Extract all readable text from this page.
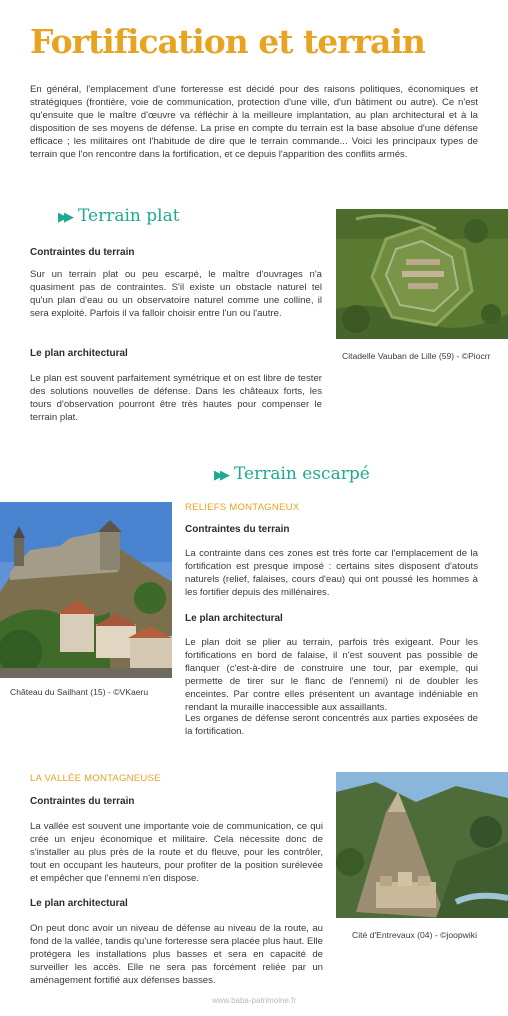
Fortification et terrain
En général, l'emplacement d'une forteresse est décidé pour des raisons politiques, économiques et stratégiques (frontière, voie de communication, protection d'une ville, d'un bâtiment ou autre). Ce n'est qu'ensuite que le maître d'œuvre va réfléchir à la meilleure implantation, au plan architectural et à la disposition de ses moyens de défense. La prise en compte du terrain est la base absolue d'une défense efficace ; les militaires ont l'habitude de dire que le terrain commande... Voici les principaux types de terrain que l'on rencontre dans la fortification, et ce depuis l'apparition des conflits armés.
▶▶ Terrain plat
Contraintes du terrain
Sur un terrain plat ou peu escarpé, le maître d'ouvrages n'a quasiment pas de contraintes. S'il existe un obstacle naturel tel qu'un plan d'eau ou un observatoire naturel comme une colline, il sera exploité. Parfois il va falloir choisir entre l'un ou l'autre.
Le plan architectural
Le plan est souvent parfaitement symétrique et on est libre de tester des solutions nouvelles de défense. Dans les châteaux forts, les tours d'observation pourront être très hautes pour compenser le terrain plat.
Citadelle Vauban de Lille (59) - ©Piocrr
▶▶ Terrain escarpé
Château du Sailhant (15) - ©VKaeru
RELIEFS MONTAGNEUX
Contraintes du terrain
La contrainte dans ces zones est très forte car l'emplacement de la fortification est presque imposé : certains sites disposent d'atouts naturels (relief, falaises, cours d'eau) qui ont poussé les hommes à les fortifier depuis des millénaires.
Le plan architectural
Le plan doit se plier au terrain, parfois très exigeant. Pour les fortifications en bord de falaise, il n'est souvent pas possible de flanquer (c'est-à-dire de construire une tour, par exemple, qui permette de tirer sur le flanc de l'ennemi) ni de doubler les enceintes. Par contre elles présentent un avantage indéniable en rendant la muraille inaccessible aux assaillants.
Les organes de défense seront concentrés aux parties exposées de la fortification.
LA VALLÉE MONTAGNEUSE
Contraintes du terrain
La vallée est souvent une importante voie de communication, ce qui crée un enjeu économique et militaire. Cela nécessite donc de s'installer au plus près de la route et du fleuve, pour les contrôler, tout en occupant les hauteurs, pour profiter de la position surélevée et empêcher que l'ennemi n'en dispose.
Le plan architectural
On peut donc avoir un niveau de défense au niveau de la route, au fond de la vallée, tandis qu'une forteresse sera placée plus haut. Elle protégera les installations plus basses et sera en capacité de surveiller les accès. Elle ne sera pas forcément reliée par un aménagement fortifié aux défenses basses.
Cité d'Entrevaux (04) - ©joopwiki
www.baba-patrimoine.fr
